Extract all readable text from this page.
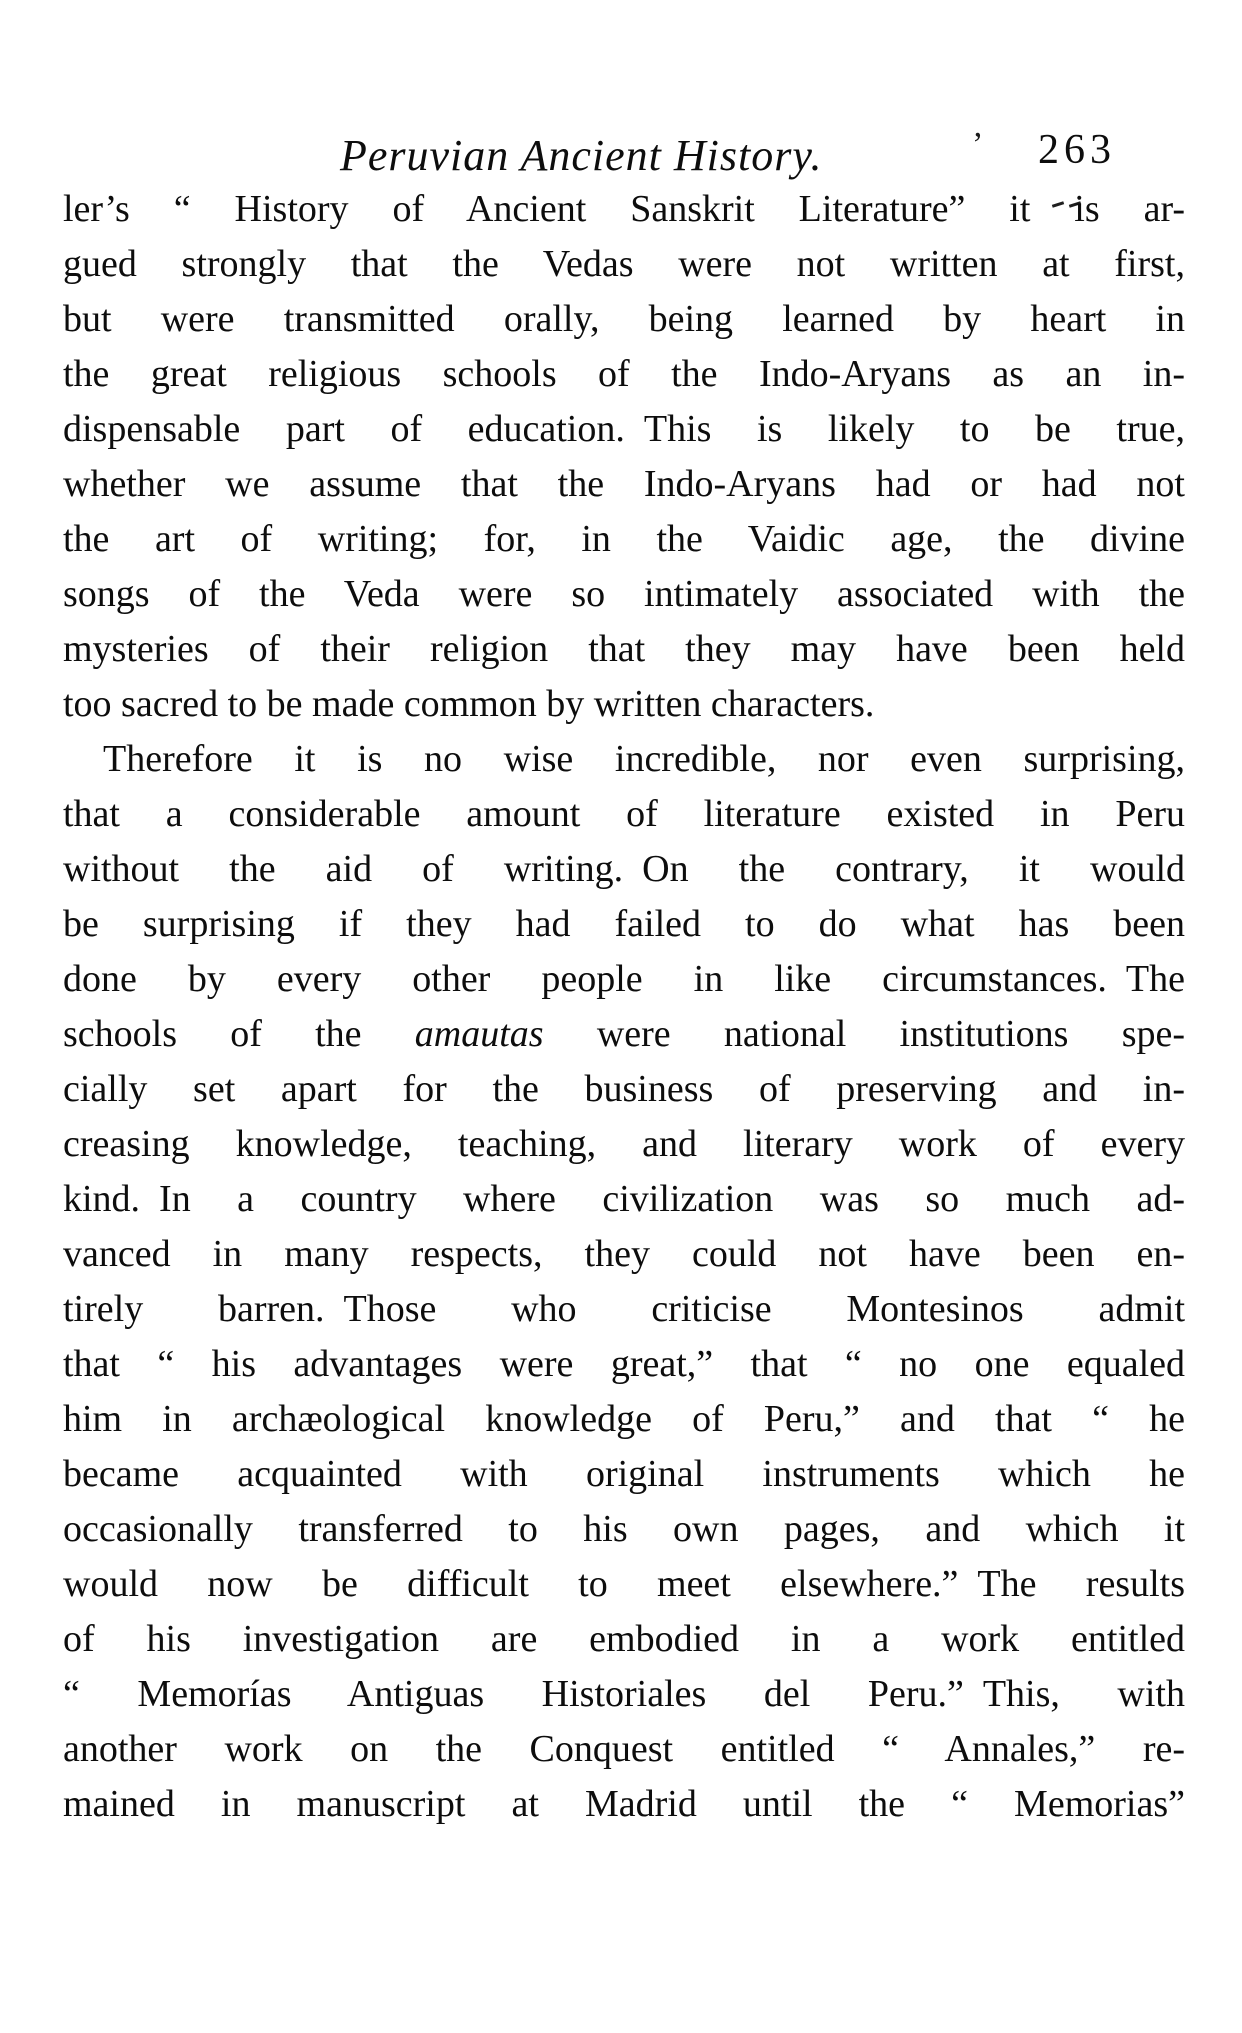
Peruvian Ancient History.	’ 263
ler’s “ History of Ancient Sanskrit Literature” it is ar-
gued strongly that the Vedas were not written at first,
but were transmitted orally, being learned by heart in
the great religious schools of the Indo-Aryans as an in-
dispensable part of education. This is likely to be true,
whether we assume that the Indo-Aryans had or had not
the art of writing; for, in the Vaidic age, the divine
songs of the Veda were so intimately associated with the
mysteries of their religion that they may have been held
too sacred to be made common by written characters.
Therefore it is no wise incredible, nor even surprising,
that a considerable amount of literature existed in Peru
without the aid of writing. On the contrary, it would
be surprising if they had failed to do what has been
done by every other people in like circumstances. The
schools of the amautas were national institutions spe-
cially set apart for the business of preserving and in-
creasing knowledge, teaching, and literary work of every
kind. In a country where civilization was so much ad-
vanced in many respects, they could not have been en-
tirely barren. Those who criticise Montesinos admit
that “ his advantages were great,” that “ no one equaled
him in archæological knowledge of Peru,” and that “ he
became acquainted with original instruments which he
occasionally transferred to his own pages, and which it
would now be difficult to meet elsewhere.” The results
of his investigation are embodied in a work entitled
“ Memorías Antiguas Historiales del Peru.” This, with
another work on the Conquest entitled “ Annales,” re-
mained in manuscript at Madrid until the “ Memorias”
